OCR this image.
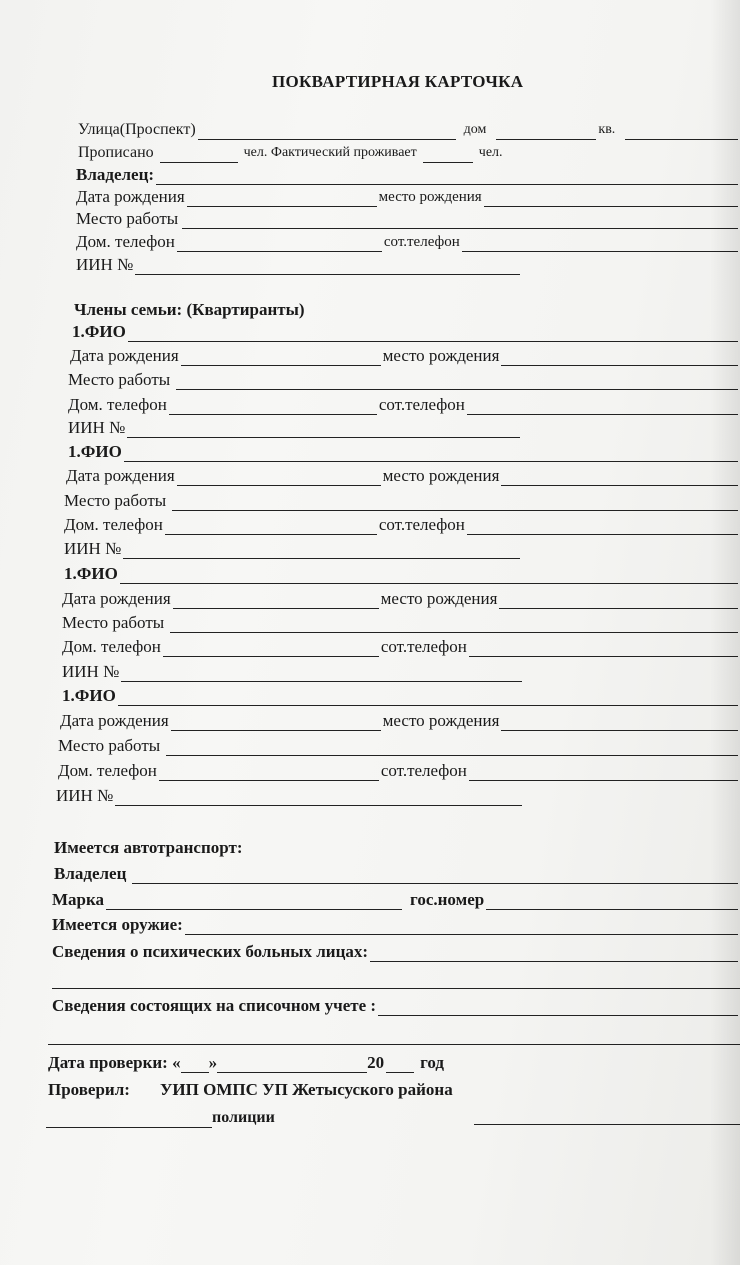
ПОКВАРТИРНАЯ КАРТОЧКА
Улица(Проспект)	дом	кв.
Прописано	чел. Фактический проживает	чел.
Владелец:
Дата рождения	место рождения
Место работы
Дом. телефон	сот.телефон
ИИН №
Члены семьи: (Квартиранты)
1.ФИО
Дата рождения	место рождения
Место работы
Дом. телефон	сот.телефон
ИИН №
1.ФИО
Дата рождения	место рождения
Место работы
Дом. телефон	сот.телефон
ИИН №
1.ФИО
Дата рождения	место рождения
Место работы
Дом. телефон	сот.телефон
ИИН №
1.ФИО
Дата рождения	место рождения
Место работы
Дом. телефон	сот.телефон
ИИН №
Имеется автотранспорт:
Владелец
Марка	гос.номер
Имеется оружие:
Сведения о психических больных лицах:
Сведения состоящих на списочном учете :
Дата проверки: « »	20 год
Проверил: УИП ОМПС УП Жетысуского района
полиции
